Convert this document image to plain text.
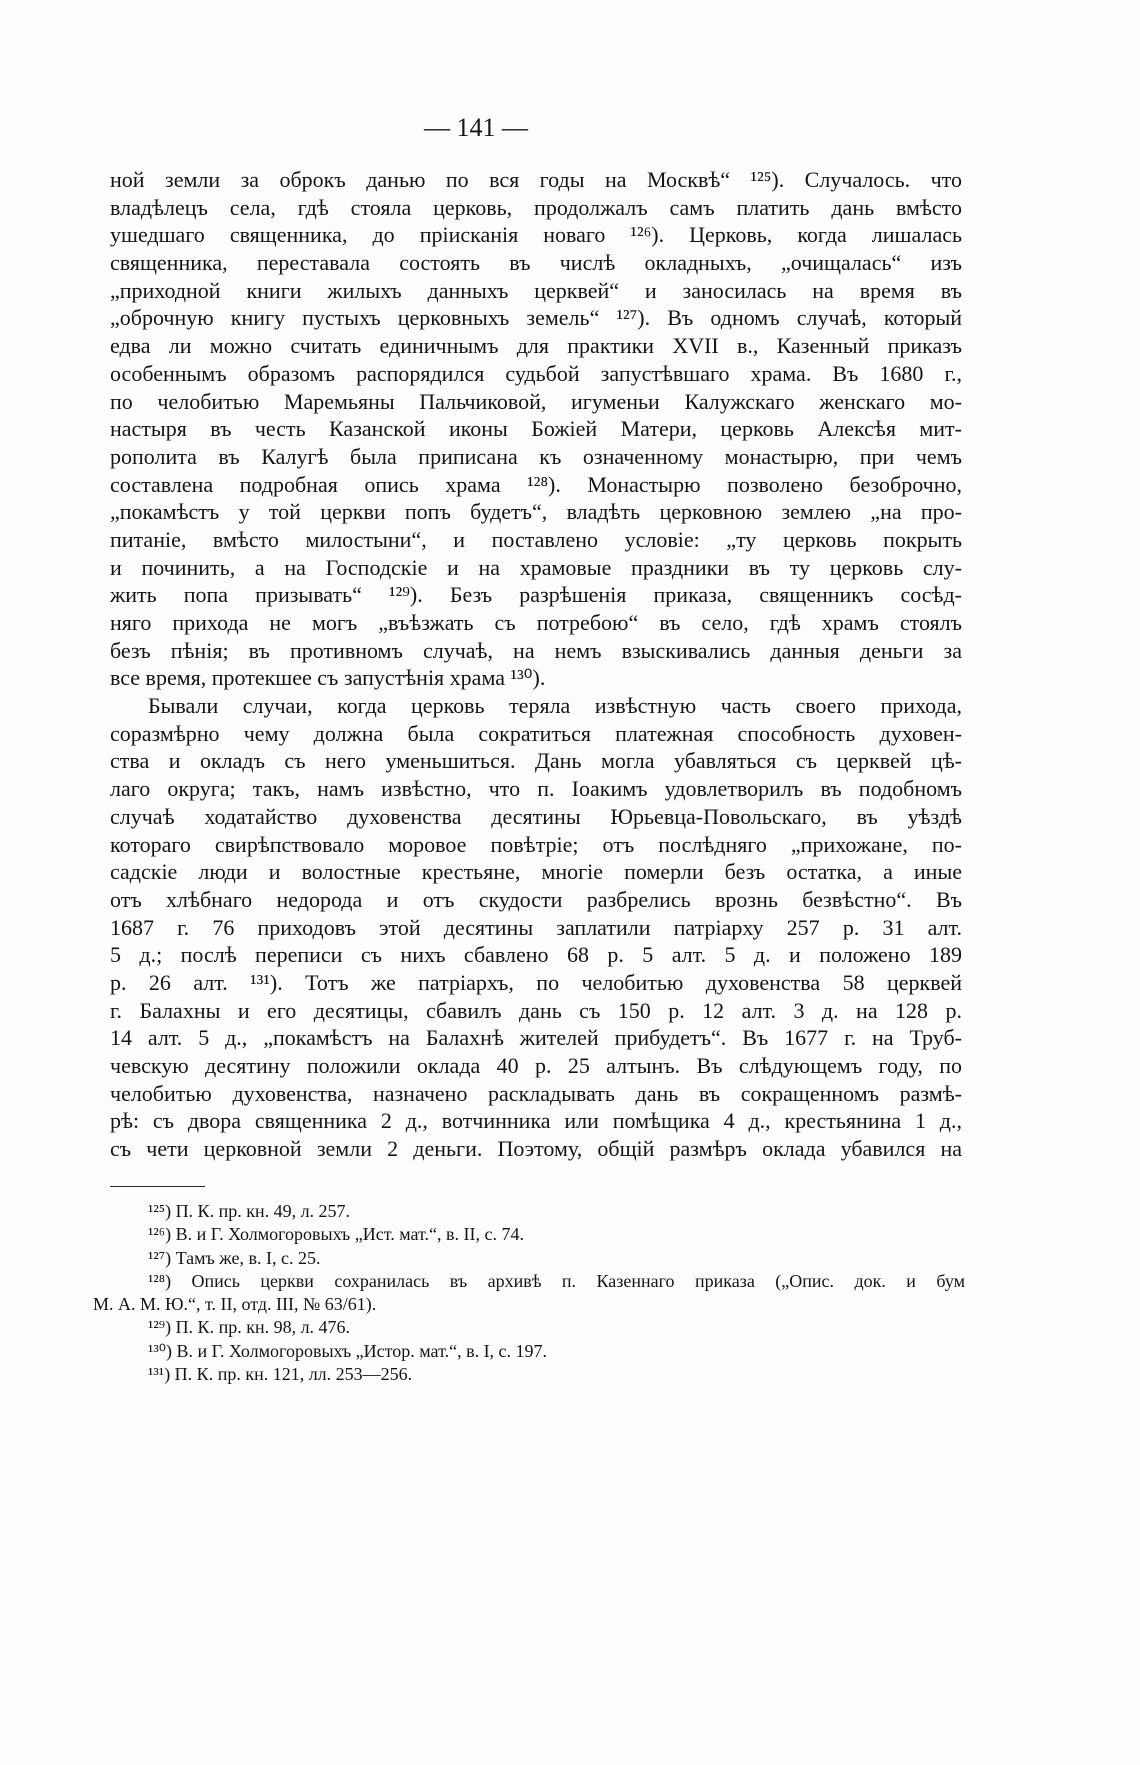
— 141 —
ной земли за оброкъ данью по вся годы на Москвѣ“ ¹²⁵). Случалось. что
владѣлецъ села, гдѣ стояла церковь, продолжалъ самъ платить дань вмѣсто
ушедшаго священника, до прiисканiя новаго ¹²⁶). Церковь, когда лишалась
священника, переставала состоять въ числѣ окладныхъ, „очищалась“ изъ
„приходной книги жилыхъ данныхъ церквей“ и заносилась на время въ
„оброчную книгу пустыхъ церковныхъ земель“ ¹²⁷). Въ одномъ случаѣ, который
едва ли можно считать единичнымъ для практики XVII в., Казенный приказъ
особеннымъ образомъ распорядился судьбой запустѣвшаго храма. Въ 1680 г.,
по челобитью Маремьяны Пальчиковой, игуменьи Калужскаго женскаго мо-
настыря въ честь Казанской иконы Божiей Матери, церковь Алексѣя мит-
рополита въ Калугѣ была приписана къ означенному монастырю, при чемъ
составлена подробная опись храма ¹²⁸). Монастырю позволено безоброчно,
„покамѣстъ у той церкви попъ будетъ“, владѣть церковною землею „на про-
питанiе, вмѣсто милостыни“, и поставлено условiе: „ту церковь покрыть
и починить, а на Господскiе и на храмовые праздники въ ту церковь слу-
жить попа призывать“ ¹²⁹). Безъ разрѣшенiя приказа, священникъ сосѣд-
няго прихода не могъ „въѣзжать съ потребою“ въ село, гдѣ храмъ стоялъ
безъ пѣнiя; въ противномъ случаѣ, на немъ взыскивались данныя деньги за
все время, протекшее съ запустѣнiя храма ¹³⁰).
Бывали случаи, когда церковь теряла извѣстную часть своего прихода,
соразмѣрно чему должна была сократиться платежная способность духовен-
ства и окладъ съ него уменьшиться. Дань могла убавляться съ церквей цѣ-
лаго округа; такъ, намъ извѣстно, что п. Iоакимъ удовлетворилъ въ подобномъ
случаѣ ходатайство духовенства десятины Юрьевца-Повольскаго, въ уѣздѣ
котораго свирѣпствовало моровое повѣтрiе; отъ послѣдняго „прихожане, по-
садскiе люди и волостные крестьяне, многiе померли безъ остатка, а иные
отъ хлѣбнаго недорода и отъ скудости разбрелись врознь безвѣстно“. Въ
1687 г. 76 приходовъ этой десятины заплатили патрiарху 257 р. 31 алт.
5 д.; послѣ переписи съ нихъ сбавлено 68 р. 5 алт. 5 д. и положено 189
р. 26 алт. ¹³¹). Тотъ же патрiархъ, по челобитью духовенства 58 церквей
г. Балахны и его десятицы, сбавилъ дань съ 150 р. 12 алт. 3 д. на 128 р.
14 алт. 5 д., „покамѣстъ на Балахнѣ жителей прибудетъ“. Въ 1677 г. на Труб-
чевскую десятину положили оклада 40 р. 25 алтынъ. Въ слѣдующемъ году, по
челобитью духовенства, назначено раскладывать дань въ сокращенномъ размѣ-
рѣ: съ двора священника 2 д., вотчинника или помѣщика 4 д., крестьянина 1 д.,
съ чети церковной земли 2 деньги. Поэтому, общiй размѣръ оклада убавился на
¹²⁵) П. К. пр. кн. 49, л. 257.
¹²⁶) В. и Г. Холмогоровыхъ „Ист. мат.“, в. II, с. 74.
¹²⁷) Тамъ же, в. I, с. 25.
¹²⁸) Опись церкви сохранилась въ архивѣ п. Казеннаго приказа („Опис. док. и бум
М. А. М. Ю.“, т. II, отд. III, № 63/61).
¹²⁹) П. К. пр. кн. 98, л. 476.
¹³⁰) В. и Г. Холмогоровыхъ „Истор. мат.“, в. I, с. 197.
¹³¹) П. К. пр. кн. 121, лл. 253—256.
